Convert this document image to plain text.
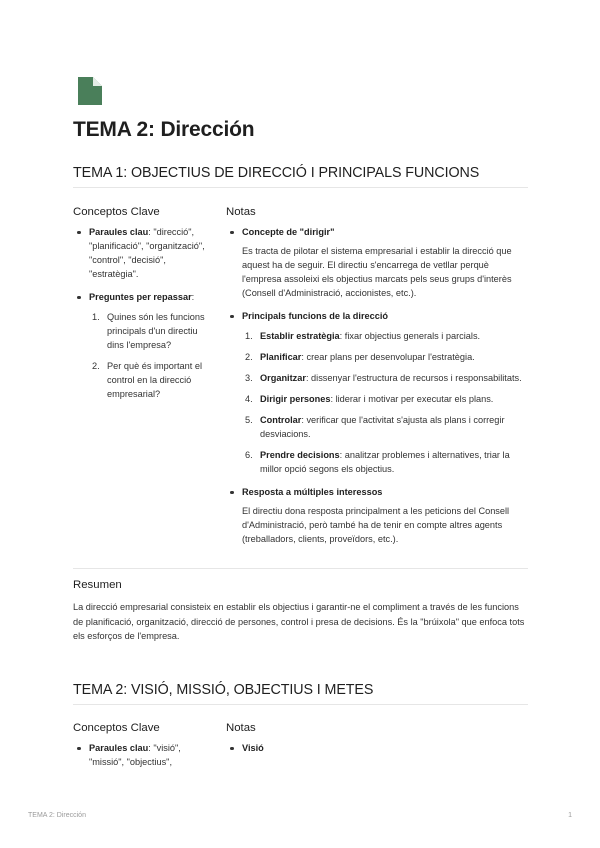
TEMA 2: Dirección
TEMA 1: OBJECTIUS DE DIRECCIÓ I PRINCIPALS FUNCIONS
Conceptos Clave
Paraules clau: "direcció", "planificació", "organització", "control", "decisió", "estratègia".
Preguntes per repassar:
1. Quines són les funcions principals d'un directiu dins l'empresa?
2. Per què és important el control en la direcció empresarial?
Notas
Concepte de "dirigir"
Es tracta de pilotar el sistema empresarial i establir la direcció que aquest ha de seguir. El directiu s'encarrega de vetllar perquè l'empresa assoleixi els objectius marcats pels seus grups d'interès (Consell d'Administració, accionistes, etc.).
Principals funcions de la direcció
1. Establir estratègia: fixar objectius generals i parcials.
2. Planificar: crear plans per desenvolupar l'estratègia.
3. Organitzar: dissenyar l'estructura de recursos i responsabilitats.
4. Dirigir persones: liderar i motivar per executar els plans.
5. Controlar: verificar que l'activitat s'ajusta als plans i corregir desviacions.
6. Prendre decisions: analitzar problemes i alternatives, triar la millor opció segons els objectius.
Resposta a múltiples interessos
El directiu dona resposta principalment a les peticions del Consell d'Administració, però també ha de tenir en compte altres agents (treballadors, clients, proveïdors, etc.).
Resumen

La direcció empresarial consisteix en establir els objectius i garantir-ne el compliment a través de les funcions de planificació, organització, direcció de persones, control i presa de decisions. És la "brúixola" que enfoca tots els esforços de l'empresa.

TEMA 2: VISIÓ, MISSIÓ, OBJECTIUS I METES
Conceptos Clave
Paraules clau: "visió", "missió", "objectius",
Notas
Visió
TEMA 2: Dirección	1
